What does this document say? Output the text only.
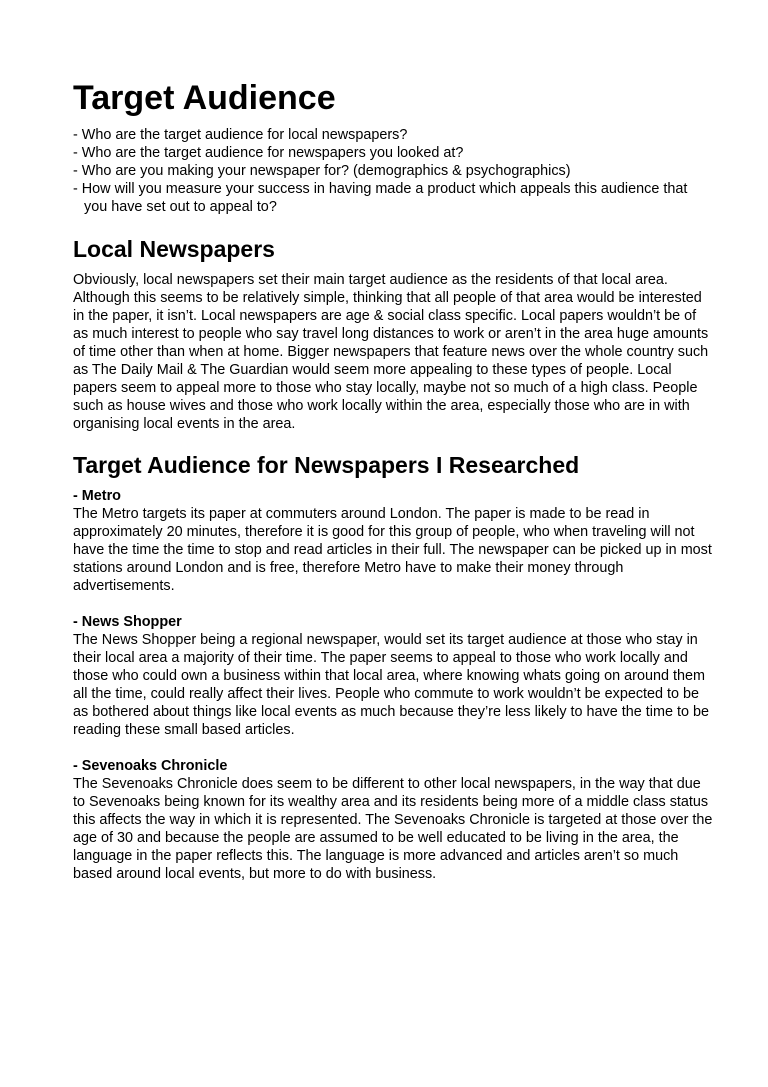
Target Audience
- Who are the target audience for local newspapers?
- Who are the target audience for newspapers you looked at?
- Who are you making your newspaper for? (demographics & psychographics)
- How will you measure your success in having made a product which appeals this audience that you have set out to appeal to?
Local Newspapers

Obviously, local newspapers set their main target audience as the residents of that local area. Although this seems to be relatively simple, thinking that all people of that area would be interested in the paper, it isn’t. Local newspapers are age & social class specific. Local papers wouldn’t be of as much interest to people who say travel long distances to work or aren’t in the area huge amounts of time other than when at home. Bigger newspapers that feature news over the whole country such as The Daily Mail & The Guardian would seem more appealing to these types of people. Local papers seem to appeal more to those who stay locally, maybe not so much of a high class. People such as house wives and those who work locally within the area, especially those who are in with organising local events in the area.

Target Audience for Newspapers I Researched

- Metro

The Metro targets its paper at commuters around London. The paper is made to be read in approximately 20 minutes, therefore it is good for this group of people, who when traveling will not have the time the time to stop and read articles in their full. The newspaper can be picked up in most stations around London and is free, therefore Metro have to make their money through advertisements.

- News Shopper

The News Shopper being a regional newspaper, would set its target audience at those who stay in their local area a majority of their time. The paper seems to appeal to those who work locally and those who could own a business within that local area, where knowing whats going on around them all the time, could really affect their lives. People who commute to work wouldn’t be expected to be as bothered about things like local events as much because they’re less likely to have the time to be reading these small based articles.

- Sevenoaks Chronicle

The Sevenoaks Chronicle does seem to be different to other local newspapers, in the way that due to Sevenoaks being known for its wealthy area and its residents being more of a middle class status this affects the way in which it is represented. The Sevenoaks Chronicle is targeted at those over the age of 30 and because the people are assumed to be well educated to be living in the area, the language in the paper reflects this. The language is more advanced and articles aren’t so much based around local events, but more to do with business.
